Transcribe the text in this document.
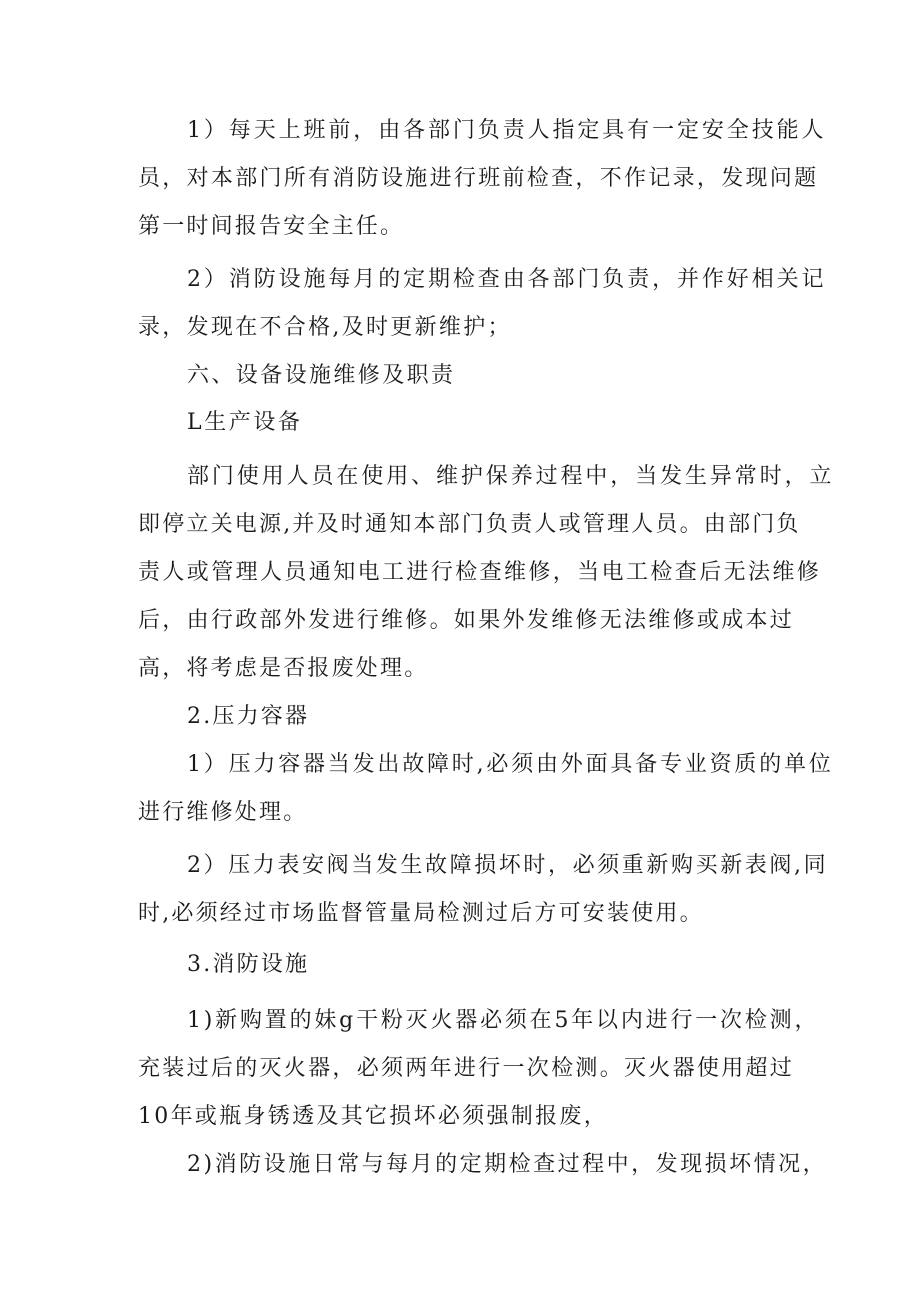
1）每天上班前，由各部门负责人指定具有一定安全技能人
员，对本部门所有消防设施进行班前检查，不作记录，发现问题
第一时间报告安全主任。
2）消防设施每月的定期检查由各部门负责，并作好相关记
录，发现在不合格,及时更新维护；
六、设备设施维修及职责
L生产设备
部门使用人员在使用、维护保养过程中，当发生异常时，立
即停立关电源,并及时通知本部门负责人或管理人员。由部门负
责人或管理人员通知电工进行检查维修，当电工检查后无法维修
后，由行政部外发进行维修。如果外发维修无法维修或成本过
高，将考虑是否报废处理。
2.压力容器
1）压力容器当发出故障时,必须由外面具备专业资质的单位
进行维修处理。
2）压力表安阀当发生故障损坏时，必须重新购买新表阀,同
时,必须经过市场监督管量局检测过后方可安装使用。
3.消防设施
1)新购置的妹g干粉灭火器必须在5年以内进行一次检测，
充装过后的灭火器，必须两年进行一次检测。灭火器使用超过
10年或瓶身锈透及其它损坏必须强制报废，
2)消防设施日常与每月的定期检查过程中，发现损坏情况，
